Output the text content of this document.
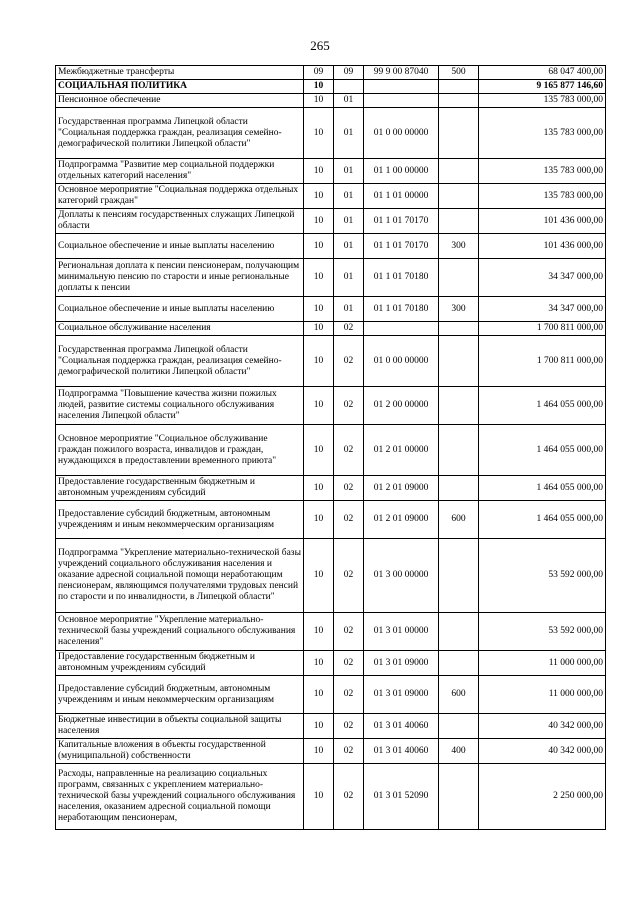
265
Межбюджетные трансферты	09	09	99 9 00 87040	500	68 047 400,00
СОЦИАЛЬНАЯ ПОЛИТИКА	10				9 165 877 146,60
Пенсионное обеспечение	10	01			135 783 000,00
Государственная программа Липецкой области "Социальная поддержка граждан, реализация семейно-демографической политики Липецкой области"	10	01	01 0 00 00000		135 783 000,00
Подпрограмма "Развитие мер социальной поддержки отдельных категорий населения"	10	01	01 1 00 00000		135 783 000,00
Основное мероприятие "Социальная поддержка отдельных категорий граждан"	10	01	01 1 01 00000		135 783 000,00
Доплаты к пенсиям государственных служащих Липецкой области	10	01	01 1 01 70170		101 436 000,00
Социальное обеспечение и иные выплаты населению	10	01	01 1 01 70170	300	101 436 000,00
Региональная доплата к пенсии пенсионерам, получающим минимальную пенсию по старости и иные региональные доплаты к пенсии	10	01	01 1 01 70180		34 347 000,00
Социальное обеспечение и иные выплаты населению	10	01	01 1 01 70180	300	34 347 000,00
Социальное обслуживание населения	10	02			1 700 811 000,00
Государственная программа Липецкой области "Социальная поддержка граждан, реализация семейно-демографической политики Липецкой области"	10	02	01 0 00 00000		1 700 811 000,00
Подпрограмма "Повышение качества жизни пожилых людей, развитие системы социального обслуживания населения Липецкой области"	10	02	01 2 00 00000		1 464 055 000,00
Основное мероприятие "Социальное обслуживание граждан пожилого возраста, инвалидов и граждан, нуждающихся в предоставлении временного приюта"	10	02	01 2 01 00000		1 464 055 000,00
Предоставление государственным бюджетным и автономным учреждениям субсидий	10	02	01 2 01 09000		1 464 055 000,00
Предоставление субсидий бюджетным, автономным учреждениям и иным некоммерческим организациям	10	02	01 2 01 09000	600	1 464 055 000,00
Подпрограмма "Укрепление материально-технической базы учреждений социального обслуживания населения и оказание адресной социальной помощи неработающим пенсионерам, являющимся получателями трудовых пенсий по старости и по инвалидности, в Липецкой области"	10	02	01 3 00 00000		53 592 000,00
Основное мероприятие "Укрепление материально-технической базы учреждений социального обслуживания населения"	10	02	01 3 01 00000		53 592 000,00
Предоставление государственным бюджетным и автономным учреждениям субсидий	10	02	01 3 01 09000		11 000 000,00
Предоставление субсидий бюджетным, автономным учреждениям и иным некоммерческим организациям	10	02	01 3 01 09000	600	11 000 000,00
Бюджетные инвестиции в объекты социальной защиты населения	10	02	01 3 01 40060		40 342 000,00
Капитальные вложения в объекты государственной (муниципальной) собственности	10	02	01 3 01 40060	400	40 342 000,00
Расходы, направленные на реализацию социальных программ, связанных с укреплением материально-технической базы учреждений социального обслуживания населения, оказанием адресной социальной помощи неработающим пенсионерам,	10	02	01 3 01 52090		2 250 000,00
